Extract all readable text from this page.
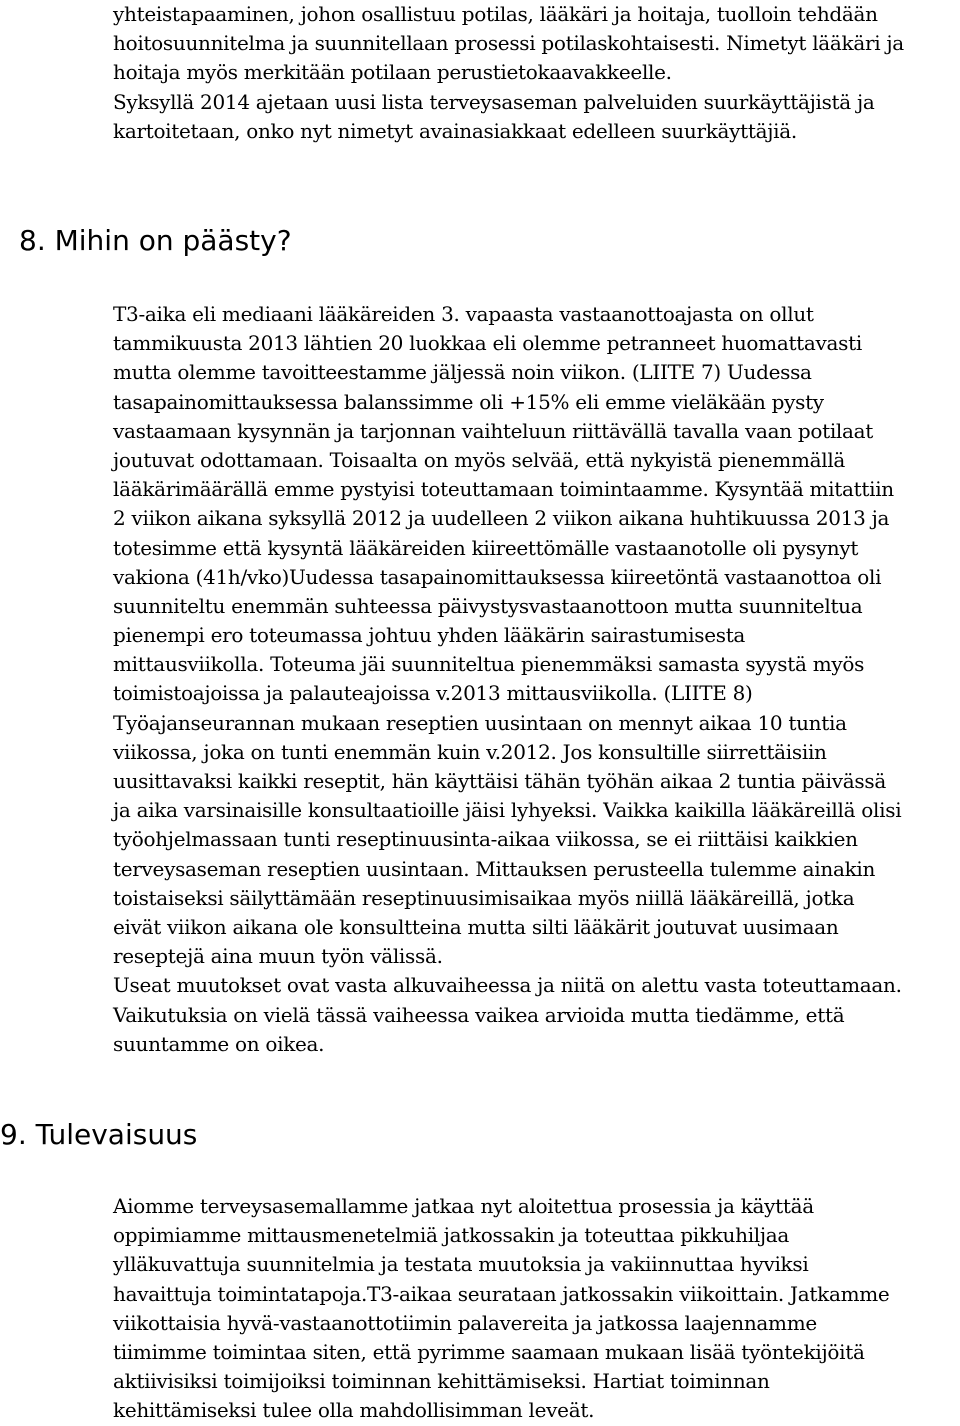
yhteistapaaminen, johon osallistuu potilas, lääkäri ja hoitaja, tuolloin tehdään
hoitosuunnitelma ja suunnitellaan prosessi potilaskohtaisesti. Nimetyt lääkäri ja
hoitaja myös merkitään potilaan perustietokaavakkeelle.
Syksyllä 2014 ajetaan uusi lista terveysaseman palveluiden suurkäyttäjistä ja
kartoitetaan, onko nyt nimetyt avainasiakkaat edelleen suurkäyttäjiä.
8. Mihin on päästy?
T3-aika eli mediaani lääkäreiden 3. vapaasta vastaanottoajasta on ollut
tammikuusta 2013 lähtien 20 luokkaa eli olemme petranneet huomattavasti
mutta olemme tavoitteestamme jäljessä noin viikon. (LIITE 7) Uudessa
tasapainomittauksessa balanssimme oli +15% eli emme vieläkään pysty
vastaamaan kysynnän ja tarjonnan vaihteluun riittävällä tavalla vaan potilaat
joutuvat odottamaan. Toisaalta on myös selvää, että nykyistä pienemmällä
lääkärimäärällä emme pystyisi toteuttamaan toimintaamme. Kysyntää mitattiin
2 viikon aikana syksyllä 2012 ja uudelleen 2 viikon aikana huhtikuussa 2013 ja
totesimme että kysyntä lääkäreiden kiireettömälle vastaanotolle oli pysynyt
vakiona (41h/vko)Uudessa tasapainomittauksessa kiireetöntä vastaanottoa oli
suunniteltu enemmän suhteessa päivystysvastaanottoon mutta suunniteltua
pienempi ero toteumassa johtuu yhden lääkärin sairastumisesta
mittausviikolla. Toteuma jäi suunniteltua pienemmäksi samasta syystä myös
toimistoajoissa ja palauteajoissa v.2013 mittausviikolla. (LIITE 8)
Työajanseurannan mukaan reseptien uusintaan on mennyt aikaa 10 tuntia
viikossa, joka on tunti enemmän kuin v.2012. Jos konsultille siirrettäisiin
uusittavaksi kaikki reseptit, hän käyttäisi tähän työhän aikaa 2 tuntia päivässä
ja aika varsinaisille konsultaatioille jäisi lyhyeksi. Vaikka kaikilla lääkäreillä olisi
työohjelmassaan tunti reseptinuusinta-aikaa viikossa, se ei riittäisi kaikkien
terveysaseman reseptien uusintaan. Mittauksen perusteella tulemme ainakin
toistaiseksi säilyttämään reseptinuusimisaikaa myös niillä lääkäreillä, jotka
eivät viikon aikana ole konsultteina mutta silti lääkärit joutuvat uusimaan
reseptejä aina muun työn välissä.
Useat muutokset ovat vasta alkuvaiheessa ja niitä on alettu vasta toteuttamaan.
Vaikutuksia on vielä tässä vaiheessa vaikea arvioida mutta tiedämme, että
suuntamme on oikea.
9. Tulevaisuus
Aiomme terveysasemallamme jatkaa nyt aloitettua prosessia ja käyttää
oppimiamme mittausmenetelmiä jatkossakin ja toteuttaa pikkuhiljaa
ylläkuvattuja suunnitelmia ja testata muutoksia ja vakiinnuttaa hyviksi
havaittuja toimintatapoja.T3-aikaa seurataan jatkossakin viikoittain. Jatkamme
viikottaisia hyvä-vastaanottotiimin palavereita ja jatkossa laajennamme
tiimimme toimintaa siten, että pyrimme saamaan mukaan lisää työntekijöitä
aktiivisiksi toimijoiksi toiminnan kehittämiseksi. Hartiat toiminnan
kehittämiseksi tulee olla mahdollisimman leveät.
